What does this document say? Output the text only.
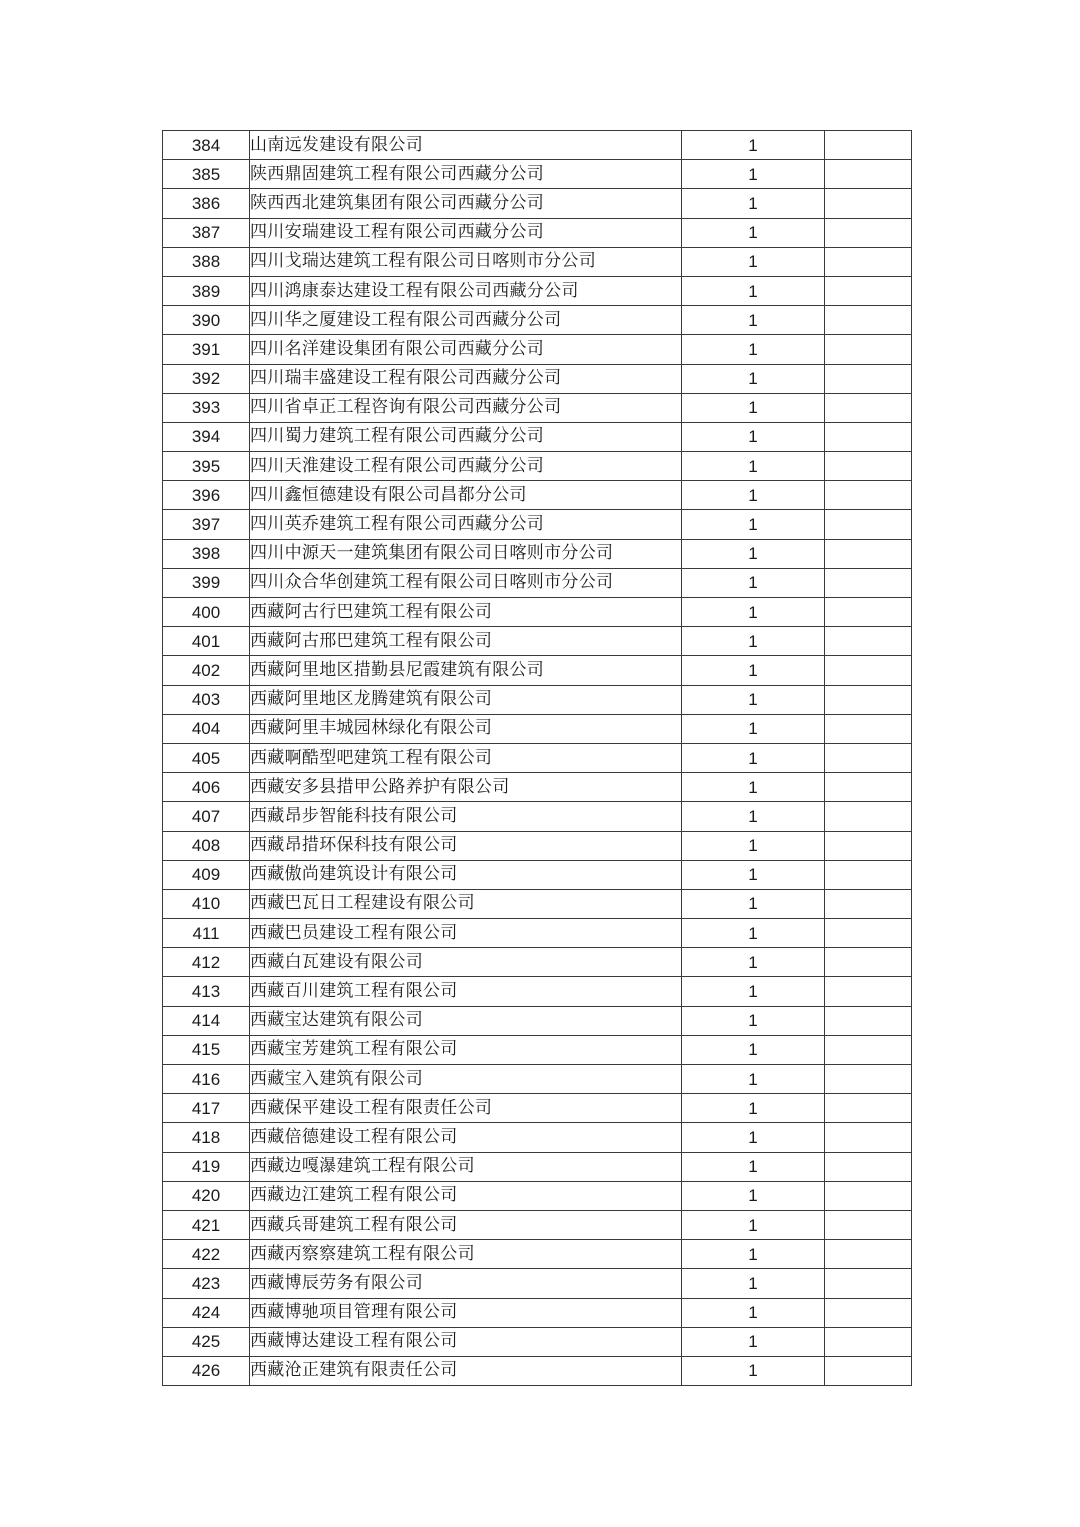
384	山南远发建设有限公司	1	
385	陕西鼎固建筑工程有限公司西藏分公司	1	
386	陕西西北建筑集团有限公司西藏分公司	1	
387	四川安瑞建设工程有限公司西藏分公司	1	
388	四川戈瑞达建筑工程有限公司日喀则市分公司	1	
389	四川鸿康泰达建设工程有限公司西藏分公司	1	
390	四川华之厦建设工程有限公司西藏分公司	1	
391	四川名洋建设集团有限公司西藏分公司	1	
392	四川瑞丰盛建设工程有限公司西藏分公司	1	
393	四川省卓正工程咨询有限公司西藏分公司	1	
394	四川蜀力建筑工程有限公司西藏分公司	1	
395	四川天淮建设工程有限公司西藏分公司	1	
396	四川鑫恒德建设有限公司昌都分公司	1	
397	四川英乔建筑工程有限公司西藏分公司	1	
398	四川中源天一建筑集团有限公司日喀则市分公司	1	
399	四川众合华创建筑工程有限公司日喀则市分公司	1	
400	西藏阿古行巴建筑工程有限公司	1	
401	西藏阿古邢巴建筑工程有限公司	1	
402	西藏阿里地区措勤县尼霞建筑有限公司	1	
403	西藏阿里地区龙腾建筑有限公司	1	
404	西藏阿里丰城园林绿化有限公司	1	
405	西藏啊酷型吧建筑工程有限公司	1	
406	西藏安多县措甲公路养护有限公司	1	
407	西藏昂步智能科技有限公司	1	
408	西藏昂措环保科技有限公司	1	
409	西藏傲尚建筑设计有限公司	1	
410	西藏巴瓦日工程建设有限公司	1	
411	西藏巴员建设工程有限公司	1	
412	西藏白瓦建设有限公司	1	
413	西藏百川建筑工程有限公司	1	
414	西藏宝达建筑有限公司	1	
415	西藏宝芳建筑工程有限公司	1	
416	西藏宝入建筑有限公司	1	
417	西藏保平建设工程有限责任公司	1	
418	西藏倍德建设工程有限公司	1	
419	西藏边嘎瀑建筑工程有限公司	1	
420	西藏边江建筑工程有限公司	1	
421	西藏兵哥建筑工程有限公司	1	
422	西藏丙察察建筑工程有限公司	1	
423	西藏博辰劳务有限公司	1	
424	西藏博驰项目管理有限公司	1	
425	西藏博达建设工程有限公司	1	
426	西藏沧正建筑有限责任公司	1	
